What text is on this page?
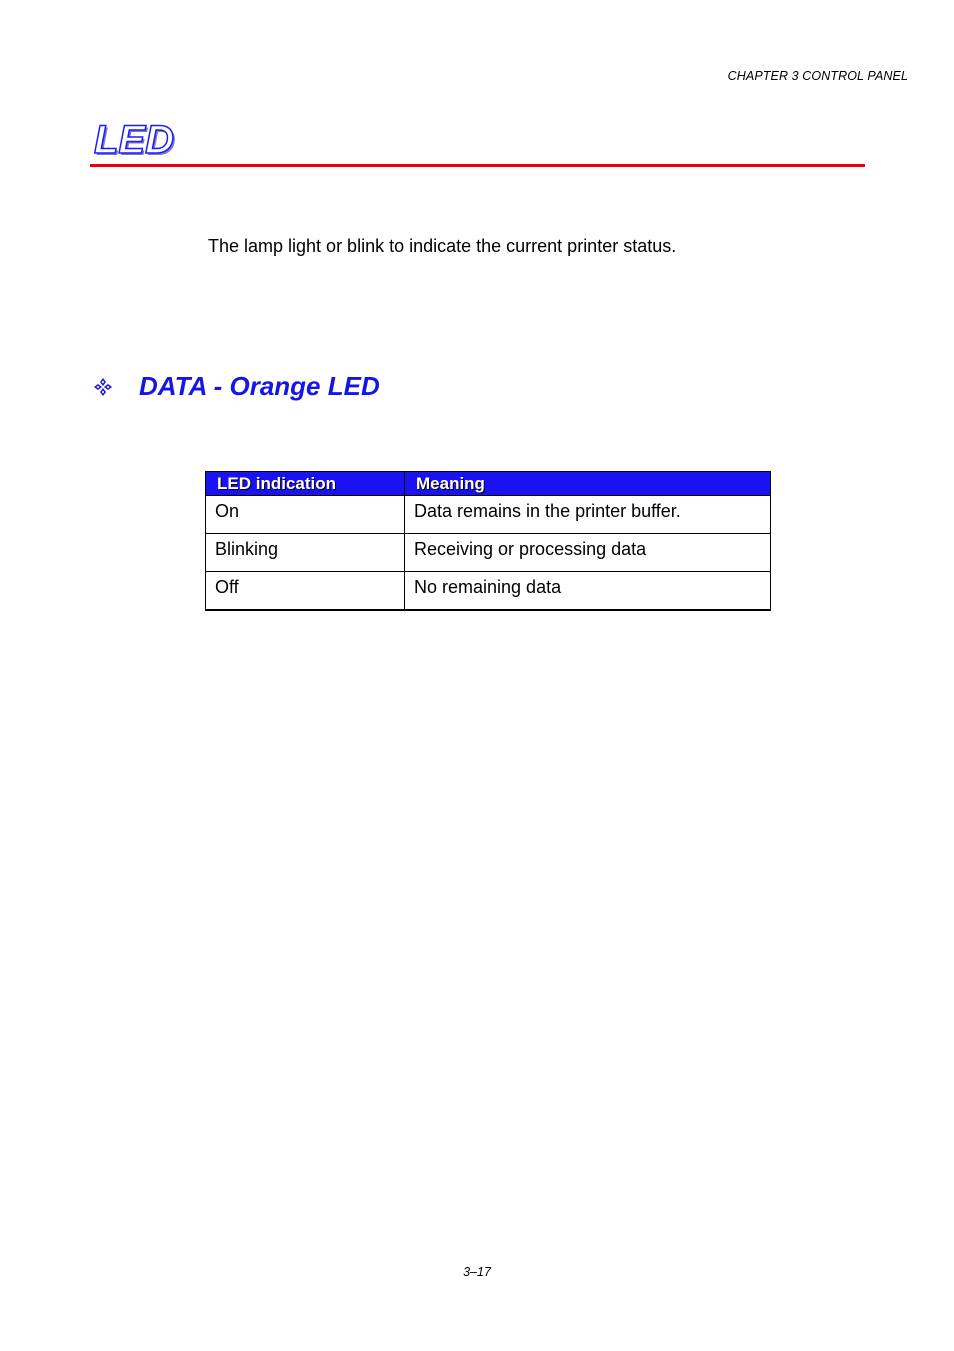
CHAPTER 3 CONTROL PANEL
LED

The lamp light or blink to indicate the current printer status.

DATA - Orange LED
LED indication	Meaning
On	Data remains in the printer buffer.
Blinking	Receiving or processing data
Off	No remaining data
3–17
